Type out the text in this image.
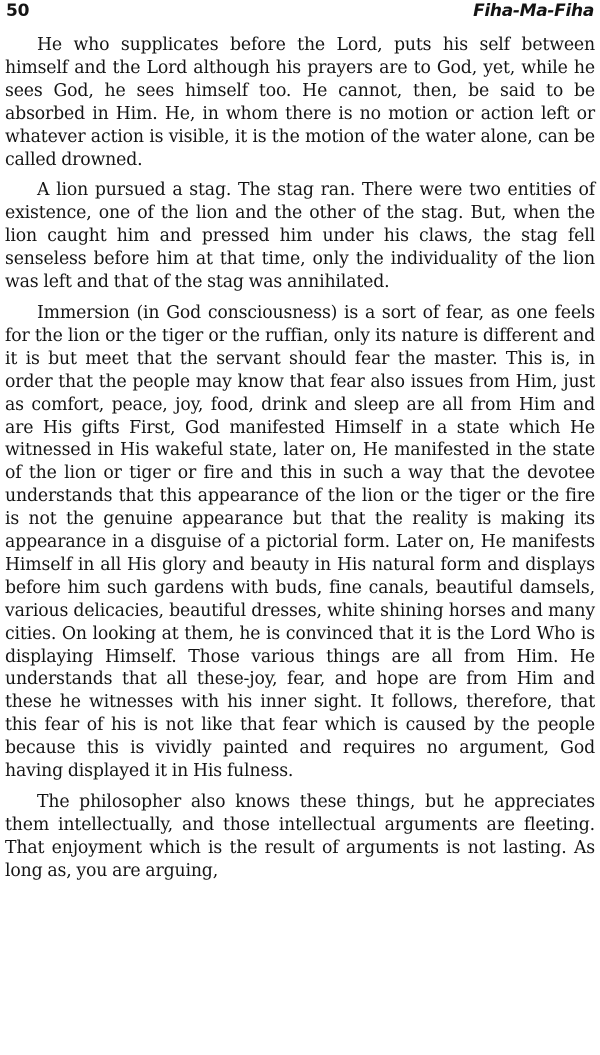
50	Fiha-Ma-Fiha

He who supplicates before the Lord, puts his self between himself and the Lord although his prayers are to God, yet, while he sees God, he sees himself too. He cannot, then, be said to be absorbed in Him. He, in whom there is no motion or action left or whatever action is visible, it is the motion of the water alone, can be called drowned.

A lion pursued a stag. The stag ran. There were two entities of existence, one of the lion and the other of the stag. But, when the lion caught him and pressed him under his claws, the stag fell senseless before him at that time, only the individuality of the lion was left and that of the stag was annihilated.

Immersion (in God consciousness) is a sort of fear, as one feels for the lion or the tiger or the ruffian, only its nature is different and it is but meet that the servant should fear the master. This is, in order that the people may know that fear also issues from Him, just as comfort, peace, joy, food, drink and sleep are all from Him and are His gifts First, God manifested Himself in a state which He witnessed in His wakeful state, later on, He manifested in the state of the lion or tiger or fire and this in such a way that the devotee understands that this appearance of the lion or the tiger or the fire is not the genuine appearance but that the reality is making its appearance in a disguise of a pictorial form. Later on, He manifests Himself in all His glory and beauty in His natural form and displays before him such gardens with buds, fine canals, beautiful damsels, various delicacies, beautiful dresses, white shining horses and many cities. On looking at them, he is convinced that it is the Lord Who is displaying Himself. Those various things are all from Him. He understands that all these-joy, fear, and hope are from Him and these he witnesses with his inner sight. It follows, therefore, that this fear of his is not like that fear which is caused by the people because this is vividly painted and requires no argument, God having displayed it in His fulness.

The philosopher also knows these things, but he appreciates them intellectually, and those intellectual arguments are fleeting. That enjoyment which is the result of arguments is not lasting. As long as, you are arguing,
